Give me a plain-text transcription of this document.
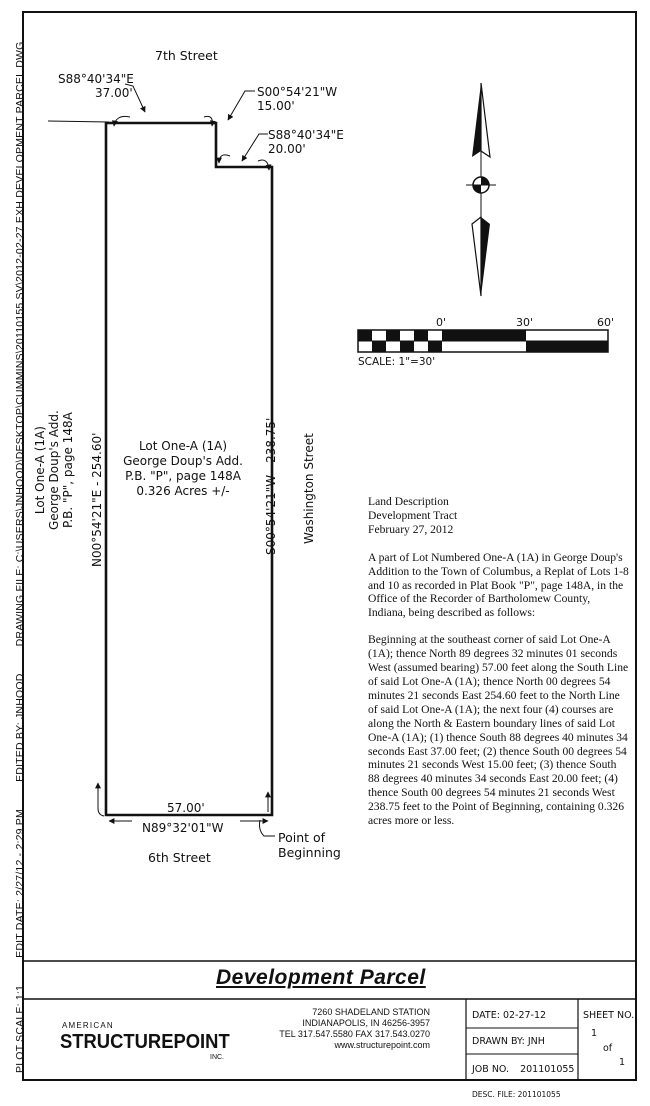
PLOT SCALE: 1:1 EDIT DATE: 2/27/12 - 2:29 PM EDITED BY: JNHOOD DRAWING FILE: C:\USERS\JNHOOD\DESKTOP\CUMMINS\20110155.SV\2012-02-27.EXH.DEVELOPMENT PARCEL.DWG	7th Street
6th Street
Washington Street
S88°40'34"E
37.00'	S00°54'21"W
15.00'
S88°40'34"E
20.00'
N00°54'21"E - 254.60'	S00°54'21"W - 238.75'
57.00'
N89°32'01"W
Point of
Beginning
Lot One-A (1A)
George Doup's Add.
P.B. "P", page 148A
0.326 Acres +/-
Lot One-A (1A) George Doup's Add. P.B. "P", page 148A
0'	30'	60'
SCALE: 1"=30'

Land Description

Development Tract

February 27, 2012

A part of Lot Numbered One-A (1A) in George Doup's Addition to the Town of Columbus, a Replat of Lots 1-8 and 10 as recorded in Plat Book "P", page 148A, in the Office of the Recorder of Bartholomew County, Indiana, being described as follows:

Beginning at the southeast corner of said Lot One-A (1A); thence North 89 degrees 32 minutes 01 seconds West (assumed bearing) 57.00 feet along the South Line of said Lot One-A (1A); thence North 00 degrees 54 minutes 21 seconds East 254.60 feet to the North Line of said Lot One-A (1A); the next four (4) courses are along the North & Eastern boundary lines of said Lot One-A (1A); (1) thence South 88 degrees 40 minutes 34 seconds East 37.00 feet; (2) thence South 00 degrees 54 minutes 21 seconds West 15.00 feet; (3) thence South 88 degrees 40 minutes 34 seconds East 20.00 feet; (4) thence South 00 degrees 54 minutes 21 seconds West 238.75 feet to the Point of Beginning, containing 0.326 acres more or less.

Development Parcel
AMERICAN
STRUCTUREPOINT
INC.
7260 SHADELAND STATION
INDIANAPOLIS, IN 46256-3957
TEL 317.547.5580 FAX 317.543.0270
www.structurepoint.com
DATE: 02-27-12
DRAWN BY: JNH
JOB NO. 201101055
SHEET NO.
1
of
1
DESC. FILE: 201101055
